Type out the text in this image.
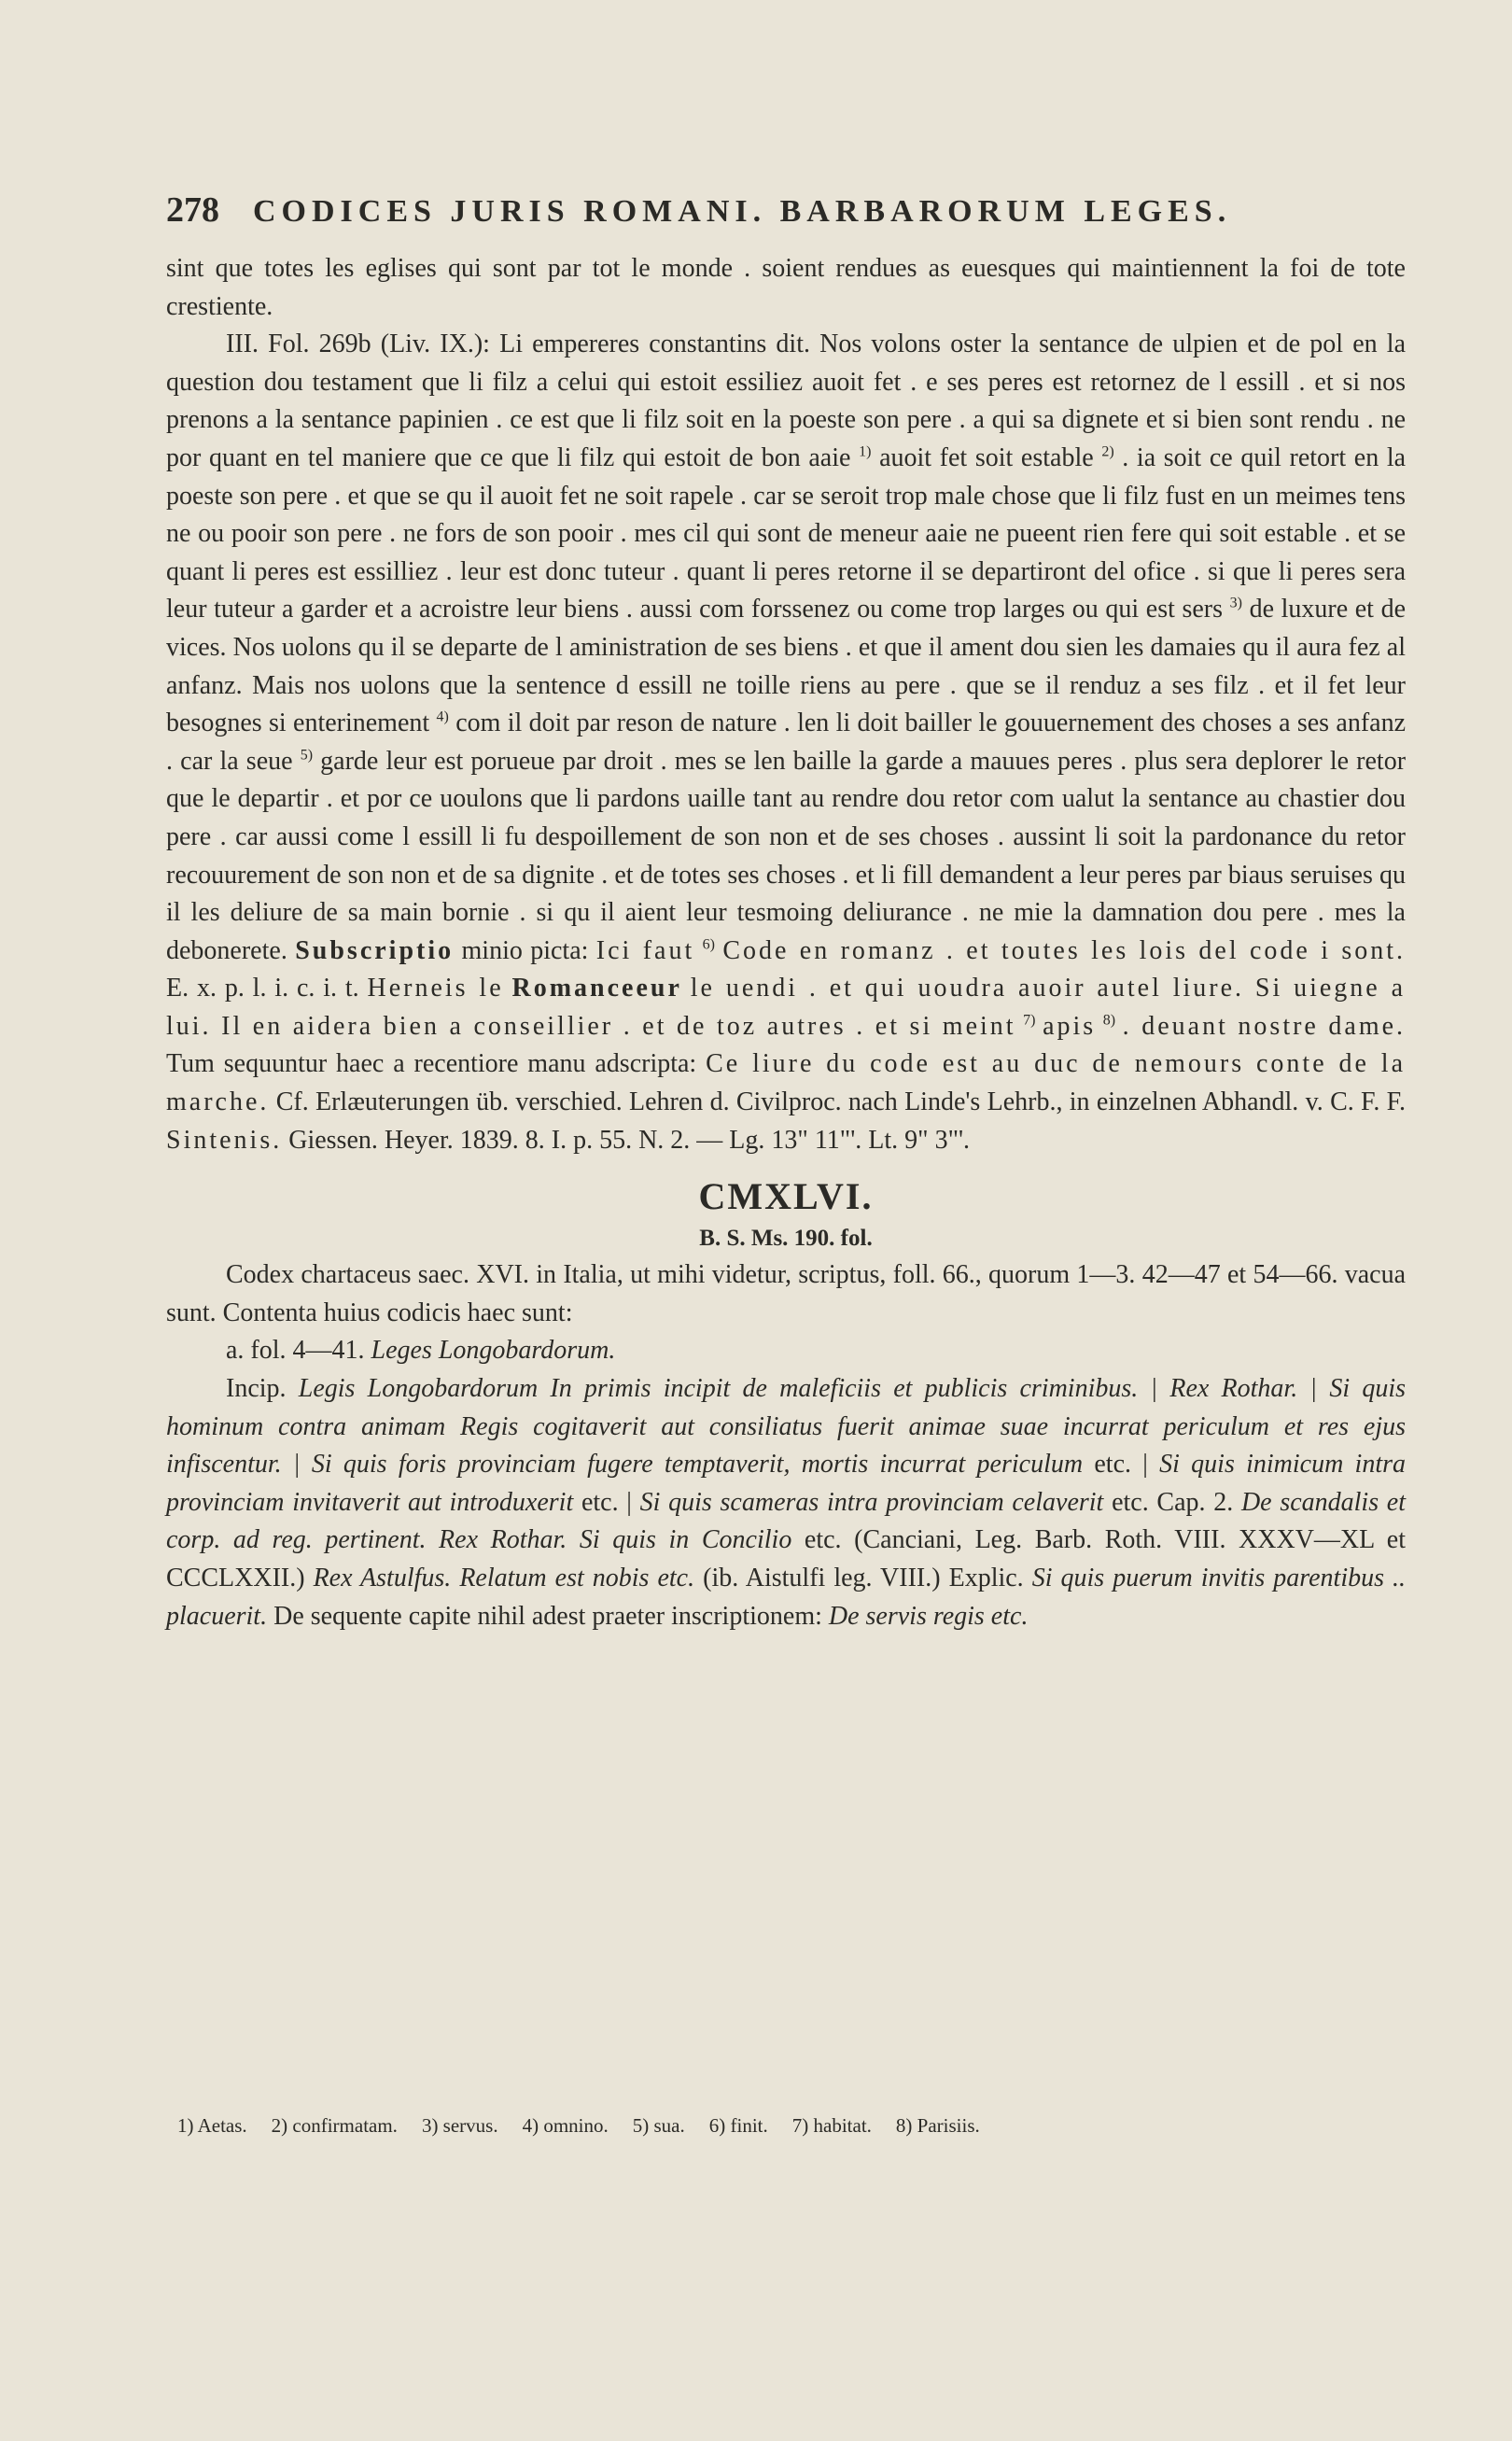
278 CODICES JURIS ROMANI. BARBARORUM LEGES.

sint que totes les eglises qui sont par tot le monde . soient rendues as euesques qui maintiennent la foi de tote crestiente.

III. Fol. 269b (Liv. IX.): Li empereres constantins dit. Nos volons oster la sentance de ulpien et de pol en la question dou testament que li filz a celui qui estoit essiliez auoit fet . e ses peres est retornez de l essill . et si nos prenons a la sentance papinien . ce est que li filz soit en la poeste son pere . a qui sa dignete et si bien sont rendu . ne por quant en tel maniere que ce que li filz qui estoit de bon aaie $^{1)}$ auoit fet soit estable $^{2)}$ . ia soit ce quil retort en la poeste son pere . et que se qu il auoit fet ne soit rapele . car se seroit trop male chose que li filz fust en un meimes tens ne ou pooir son pere . ne fors de son pooir . mes cil qui sont de meneur aaie ne pueent rien fere qui soit estable . et se quant li peres est essilliez . leur est donc tuteur . quant li peres retorne il se departiront del ofice . si que li peres sera leur tuteur a garder et a acroistre leur biens . aussi com forssenez ou come trop larges ou qui est sers $^{3)}$ de luxure et de vices. Nos uolons qu il se departe de l aministration de ses biens . et que il ament dou sien les damaies qu il aura fez al anfanz. Mais nos uolons que la sentence d essill ne toille riens au pere . que se il renduz a ses filz . et il fet leur besognes si enterinement $^{4)}$ com il doit par reson de nature . len li doit bailler le gouuernement des choses a ses anfanz . car la seue $^{5)}$ garde leur est porueue par droit . mes se len baille la garde a mauues peres . plus sera deplorer le retor que le departir . et por ce uoulons que li pardons uaille tant au rendre dou retor com ualut la sentance au chastier dou pere . car aussi come l essill li fu despoillement de son non et de ses choses . aussint li soit la pardonance du retor recouurement de son non et de sa dignite . et de totes ses choses . et li fill demandent a leur peres par biaus seruises qu il les deliure de sa main bornie . si qu il aient leur tesmoing deliurance . ne mie la damnation dou pere . mes la debonerete. Subscriptio minio picta: Ici faut $^{6)}$ Code en romanz . et toutes les lois del code i sont. E. x. p. l. i. c. i. t. Herneis le Romanceeur le uendi . et qui uoudra auoir autel liure. Si uiegne a lui. Il en aidera bien a conseillier . et de toz autres . et si meint $^{7)}$ apis $^{8)}$ . deuant nostre dame. Tum sequuntur haec a recentiore manu adscripta: Ce liure du code est au duc de nemours conte de la marche. Cf. Erlæuterungen üb. verschied. Lehren d. Civilproc. nach Linde's Lehrb., in einzelnen Abhandl. v. C. F. F. Sintenis. Giessen. Heyer. 1839. 8. I. p. 55. N. 2. — Lg. 13" 11"'. Lt. 9" 3"'.

CMXLVI.

B. S. Ms. 190. fol.

Codex chartaceus saec. XVI. in Italia, ut mihi videtur, scriptus, foll. 66., quorum 1—3. 42—47 et 54—66. vacua sunt. Contenta huius codicis haec sunt:

a. fol. 4—41. Leges Longobardorum.

Incip. Legis Longobardorum In primis incipit de maleficiis et publicis criminibus. | Rex Rothar. | Si quis hominum contra animam Regis cogitaverit aut consiliatus fuerit animae suae incurrat periculum et res ejus infiscentur. | Si quis foris provinciam fugere temptaverit, mortis incurrat periculum etc. | Si quis inimicum intra provinciam invitaverit aut introduxerit etc. | Si quis scameras intra provinciam celaverit etc. Cap. 2. De scandalis et corp. ad reg. pertinent. Rex Rothar. Si quis in Concilio etc. (Canciani, Leg. Barb. Roth. VIII. XXXV—XL et CCCLXXII.) Rex Astulfus. Relatum est nobis etc. (ib. Aistulfi leg. VIII.) Explic. Si quis puerum invitis parentibus .. placuerit. De sequente capite nihil adest praeter inscriptionem: De servis regis etc.

1) Aetas. 2) confirmatam. 3) servus. 4) omnino. 5) sua. 6) finit. 7) habitat. 8) Parisiis.
